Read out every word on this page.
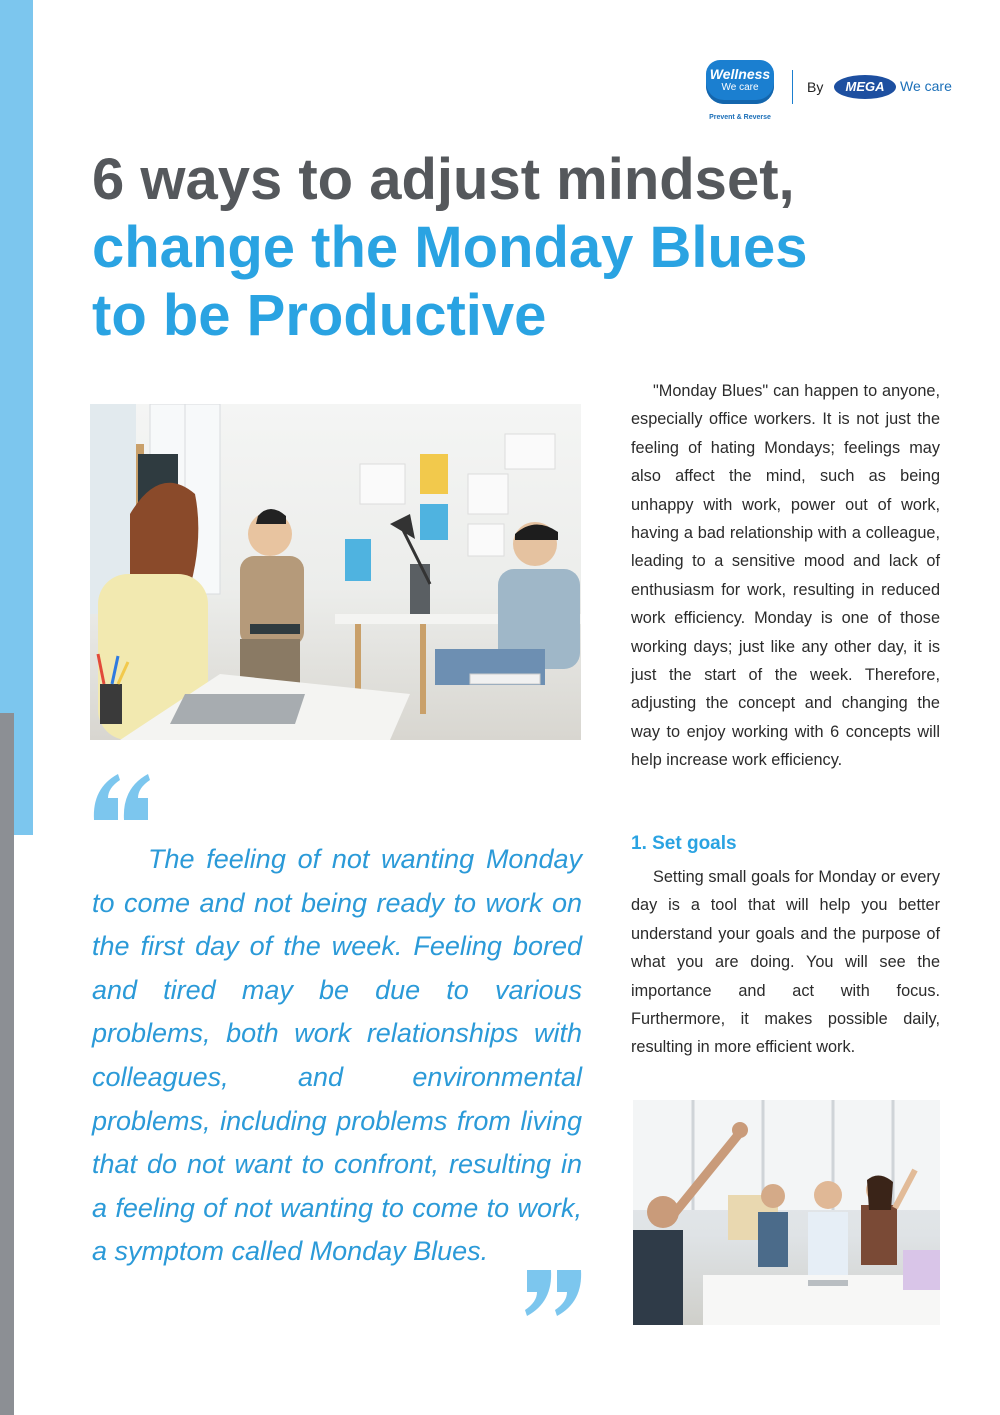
Wellness
We care
Prevent & Reverse
By	MEGA	We care
6 ways to adjust mindset,
change the Monday Blues
to be Productive

The feeling of not wanting Monday to come and not being ready to work on the first day of the week. Feeling bored and tired may be due to various problems, both work relationships with colleagues, and environmental problems, including problems from living that do not want to confront, resulting in a feeling of not wanting to come to work, a symptom called Monday Blues.

"Monday Blues" can happen to anyone, especially office workers. It is not just the feeling of hating Mondays; feelings may also affect the mind, such as being unhappy with work, power out of work, having a bad relationship with a colleague, leading to a sensitive mood and lack of enthusiasm for work, resulting in reduced work efficiency. Monday is one of those working days; just like any other day, it is just the start of the week. Therefore, adjusting the concept and changing the way to enjoy working with 6 concepts will help increase work efficiency.

1. Set goals

Setting small goals for Monday or every day is a tool that will help you better understand your goals and the purpose of what you are doing. You will see the importance and act with focus. Furthermore, it makes possible daily, resulting in more efficient work.
